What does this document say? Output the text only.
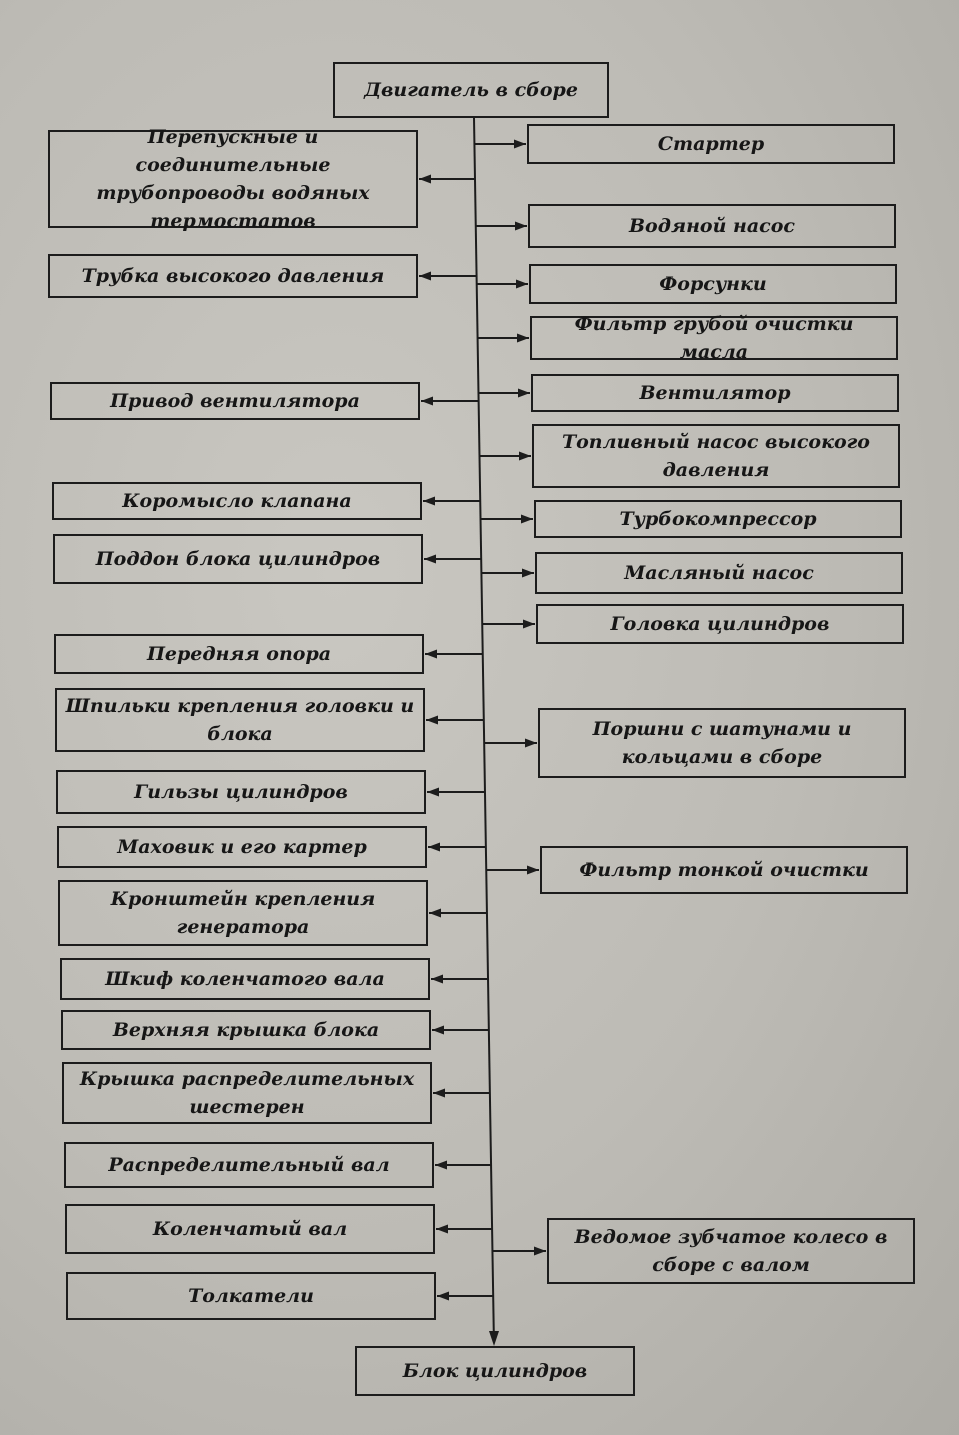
Двигатель в сборе
Перепускные и соединительные трубопроводы водяных термостатов
Трубка высокого давления
Привод вентилятора
Коромысло клапана
Поддон блока цилиндров
Передняя опора
Шпильки крепления головки и блока
Гильзы цилиндров
Маховик и его картер
Кронштейн крепления генератора
Шкиф коленчатого вала
Верхняя крышка блока
Крышка распределительных шестерен
Распределительный вал
Коленчатый вал
Толкатели
Стартер
Водяной насос
Форсунки
Фильтр грубой очистки масла
Вентилятор
Топливный насос высокого давления
Турбокомпрессор
Масляный насос
Головка цилиндров
Поршни с шатунами и кольцами в сборе
Фильтр тонкой очистки
Ведомое зубчатое колесо в сборе с валом
Блок цилиндров
